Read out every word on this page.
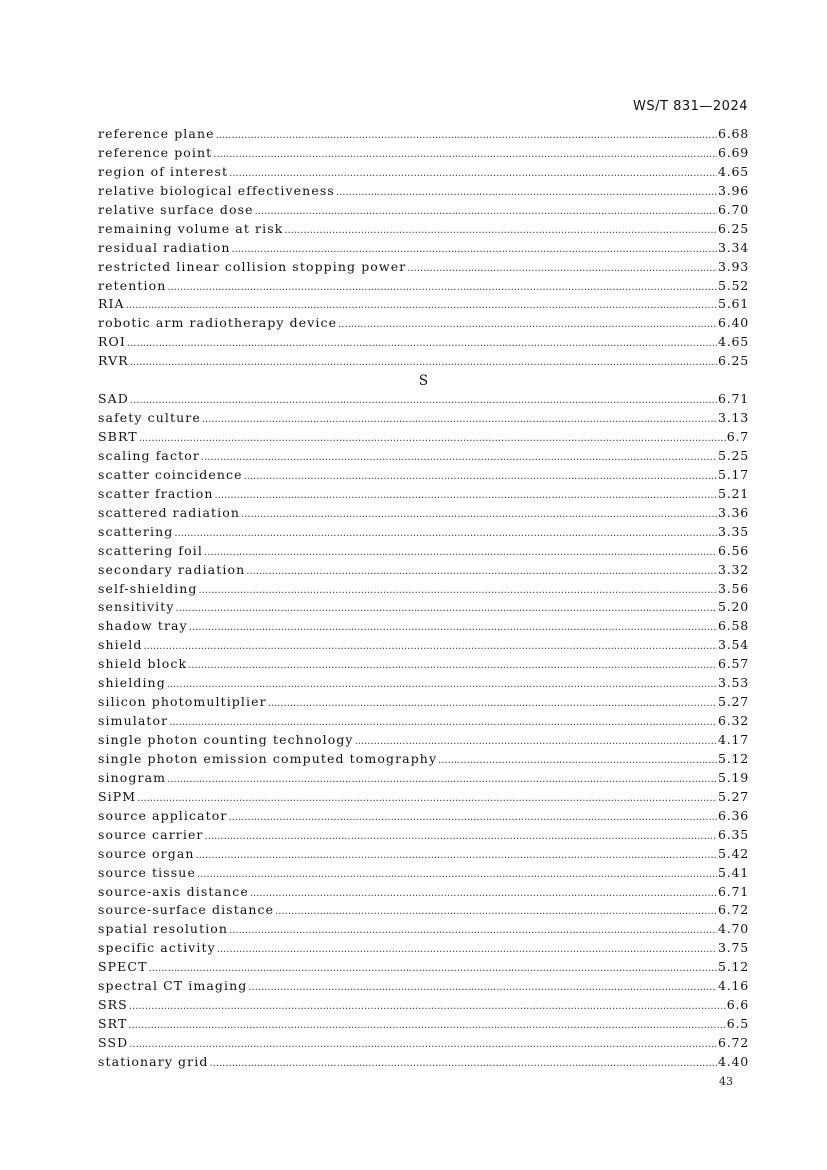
WS/T 831—2024
reference plane .....	6.68
reference point .....	6.69
region of interest .....	4.65
relative biological effectiveness .....	3.96
relative surface dose .....	6.70
remaining volume at risk .....	6.25
residual radiation .....	3.34
restricted linear collision stopping power .....	3.93
retention .....	5.52
RIA .....	5.61
robotic arm radiotherapy device .....	6.40
ROI .....	4.65
RVR .....	6.25
S
SAD .....	6.71
safety culture .....	3.13
SBRT .....	6.7
scaling factor .....	5.25
scatter coincidence .....	5.17
scatter fraction .....	5.21
scattered radiation .....	3.36
scattering .....	3.35
scattering foil .....	6.56
secondary radiation .....	3.32
self-shielding .....	3.56
sensitivity .....	5.20
shadow tray .....	6.58
shield .....	3.54
shield block .....	6.57
shielding .....	3.53
silicon photomultiplier .....	5.27
simulator .....	6.32
single photon counting technology .....	4.17
single photon emission computed tomography .....	5.12
sinogram .....	5.19
SiPM .....	5.27
source applicator .....	6.36
source carrier .....	6.35
source organ .....	5.42
source tissue .....	5.41
source-axis distance .....	6.71
source-surface distance .....	6.72
spatial resolution .....	4.70
specific activity .....	3.75
SPECT .....	5.12
spectral CT imaging .....	4.16
SRS .....	6.6
SRT .....	6.5
SSD .....	6.72
stationary grid .....	4.40
43
